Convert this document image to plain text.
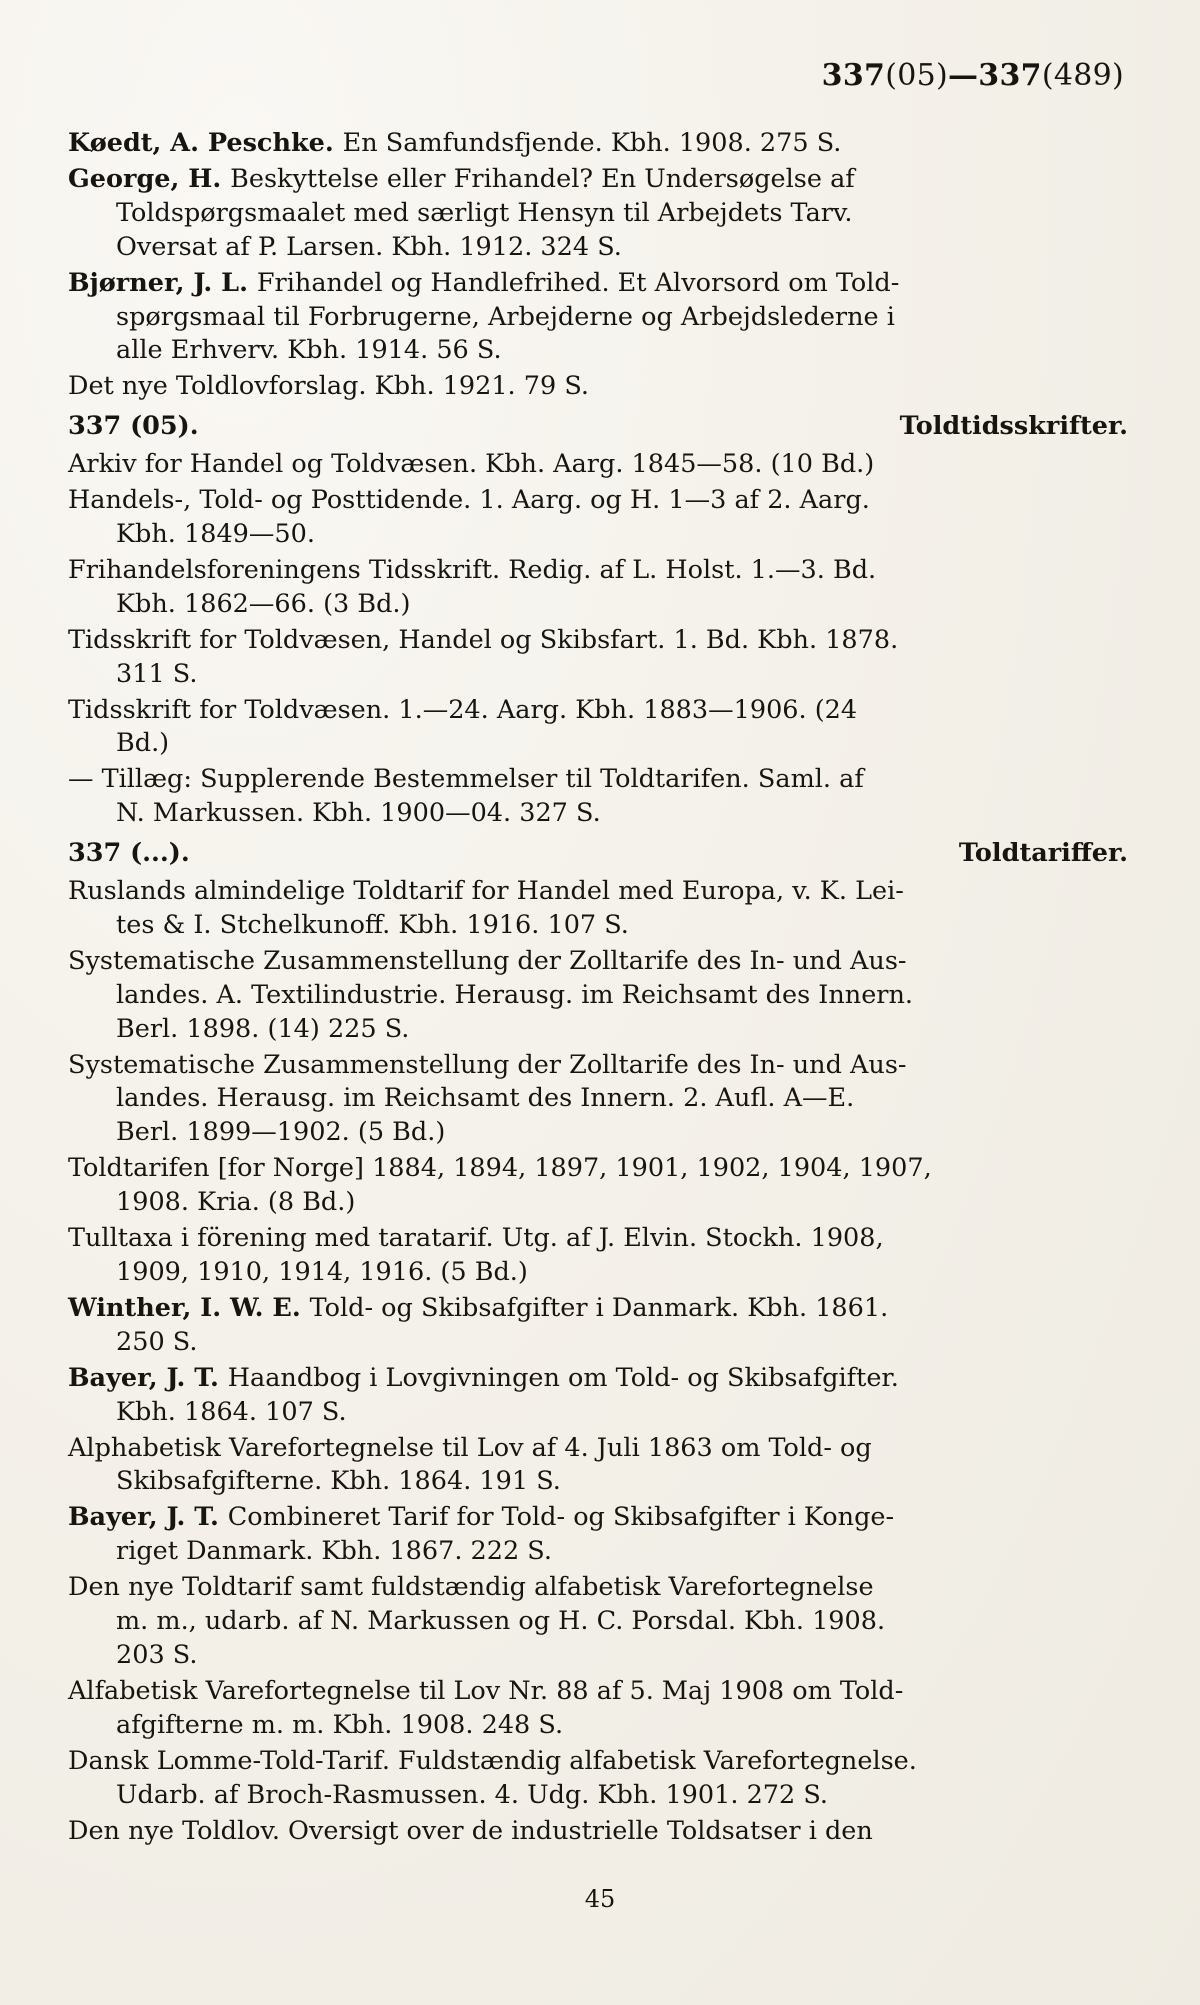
337(05)—337(489)
Køedt, A. Peschke. En Samfundsfjende. Kbh. 1908. 275 S.
George, H. Beskyttelse eller Frihandel? En Undersøgelse af
Toldspørgsmaalet med særligt Hensyn til Arbejdets Tarv.
Oversat af P. Larsen. Kbh. 1912. 324 S.
Bjørner, J. L. Frihandel og Handlefrihed. Et Alvorsord om Told-
spørgsmaal til Forbrugerne, Arbejderne og Arbejdslederne i
alle Erhverv. Kbh. 1914. 56 S.
Det nye Toldlovforslag. Kbh. 1921. 79 S.
337 (05).	Toldtidsskrifter.
Arkiv for Handel og Toldvæsen. Kbh. Aarg. 1845—58. (10 Bd.)
Handels-, Told- og Posttidende. 1. Aarg. og H. 1—3 af 2. Aarg.
Kbh. 1849—50.
Frihandelsforeningens Tidsskrift. Redig. af L. Holst. 1.—3. Bd.
Kbh. 1862—66. (3 Bd.)
Tidsskrift for Toldvæsen, Handel og Skibsfart. 1. Bd. Kbh. 1878.
311 S.
Tidsskrift for Toldvæsen. 1.—24. Aarg. Kbh. 1883—1906. (24
Bd.)
— Tillæg: Supplerende Bestemmelser til Toldtarifen. Saml. af
N. Markussen. Kbh. 1900—04. 327 S.
337 (...).	Toldtariffer.
Ruslands almindelige Toldtarif for Handel med Europa, v. K. Lei-
tes & I. Stchelkunoff. Kbh. 1916. 107 S.
Systematische Zusammenstellung der Zolltarife des In- und Aus-
landes. A. Textilindustrie. Herausg. im Reichsamt des Innern.
Berl. 1898. (14) 225 S.
Systematische Zusammenstellung der Zolltarife des In- und Aus-
landes. Herausg. im Reichsamt des Innern. 2. Aufl. A—E.
Berl. 1899—1902. (5 Bd.)
Toldtarifen [for Norge] 1884, 1894, 1897, 1901, 1902, 1904, 1907,
1908. Kria. (8 Bd.)
Tulltaxa i förening med taratarif. Utg. af J. Elvin. Stockh. 1908,
1909, 1910, 1914, 1916. (5 Bd.)
Winther, I. W. E. Told- og Skibsafgifter i Danmark. Kbh. 1861.
250 S.
Bayer, J. T. Haandbog i Lovgivningen om Told- og Skibsafgifter.
Kbh. 1864. 107 S.
Alphabetisk Varefortegnelse til Lov af 4. Juli 1863 om Told- og
Skibsafgifterne. Kbh. 1864. 191 S.
Bayer, J. T. Combineret Tarif for Told- og Skibsafgifter i Konge-
riget Danmark. Kbh. 1867. 222 S.
Den nye Toldtarif samt fuldstændig alfabetisk Varefortegnelse
m. m., udarb. af N. Markussen og H. C. Porsdal. Kbh. 1908.
203 S.
Alfabetisk Varefortegnelse til Lov Nr. 88 af 5. Maj 1908 om Told-
afgifterne m. m. Kbh. 1908. 248 S.
Dansk Lomme-Told-Tarif. Fuldstændig alfabetisk Varefortegnelse.
Udarb. af Broch-Rasmussen. 4. Udg. Kbh. 1901. 272 S.
Den nye Toldlov. Oversigt over de industrielle Toldsatser i den
45
